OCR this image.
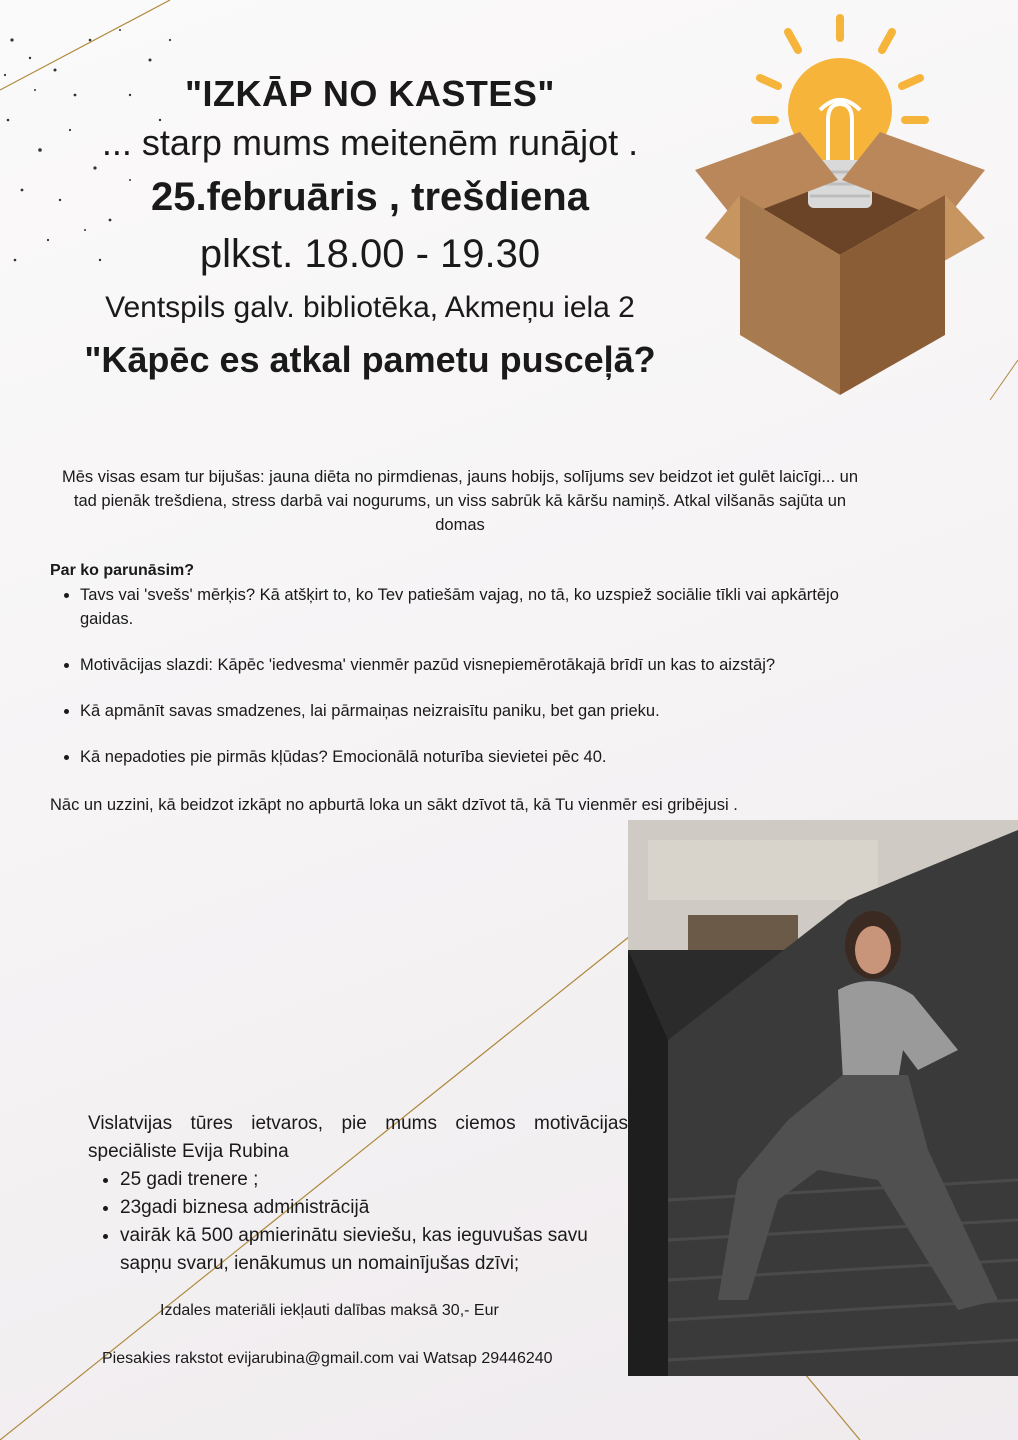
"IZKĀP NO KASTES"
... starp mums meitenēm runājot .
25.februāris , trešdiena
plkst. 18.00 - 19.30
Ventspils galv. bibliotēka, Akmeņu iela 2
"Kāpēc es atkal pametu pusceļā?
Mēs visas esam tur bijušas: jauna diēta no pirmdienas, jauns hobijs, solījums sev beidzot iet gulēt laicīgi... un tad pienāk trešdiena, stress darbā vai nogurums, un viss sabrūk kā kāršu namiņš. Atkal vilšanās sajūta un domas
Par ko parunāsim?
• Tavs vai 'svešs' mērķis? Kā atšķirt to, ko Tev patiešām vajag, no tā, ko uzspiež sociālie tīkli vai apkārtējo gaidas.
• Motivācijas slazdi: Kāpēc 'iedvesma' vienmēr pazūd visnepiemērotākajā brīdī un kas to aizstāj?
• Kā apmānīt savas smadzenes, lai pārmaiņas neizraisītu paniku, bet gan prieku.
• Kā nepadoties pie pirmās kļūdas? Emocionālā noturība sievietei pēc 40.
Nāc un uzzini, kā beidzot izkāpt no apburtā loka un sākt dzīvot tā, kā Tu vienmēr esi gribējusi .
Vislatvijas tūres ietvaros, pie mums ciemos motivācijas
speciāliste Evija Rubina
• 25 gadi trenere ;
• 23gadi biznesa administrācijā
• vairāk kā 500 apmierinātu sieviešu, kas ieguvušas savu sapņu svaru, ienākumus un nomainījušas dzīvi;
Izdales materiāli iekļauti dalības maksā 30,- Eur
Piesakies rakstot evijarubina@gmail.com vai Watsap 29446240
